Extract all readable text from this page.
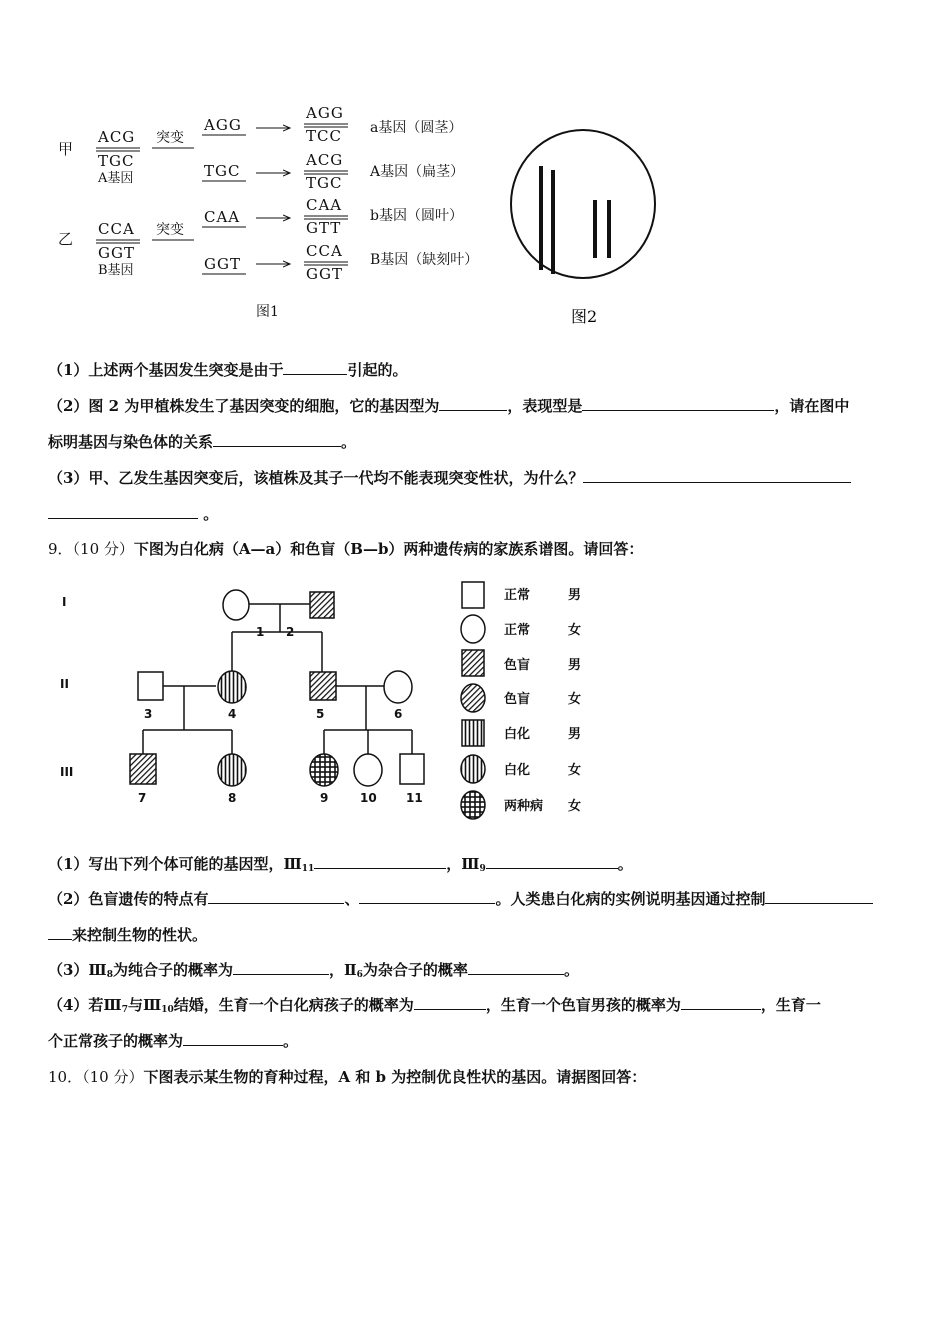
甲
ACG
TGC
A基因
突变
AGG
AGG
TCC a基因（圆茎）
TGC
ACG
TGC
A基因（扁茎）
乙
CCA
GGT
B基因
突变
CAA
CAA
GTT
b基因（圆叶）
GGT
CCA
GGT
B基因（缺刻叶）
图1	图2
（1）上述两个基因发生突变是由于	引起的。
（2）图 2 为甲植株发生了基因突变的细胞，它的基因型为	，表现型是	，请在图中
标明基因与染色体的关系	。
（3）甲、乙发生基因突变后，该植株及其子一代均不能表现突变性状，为什么？
。
9．（10 分）下图为白化病（A—a）和色盲（B—b）两种遗传病的家族系谱图。请回答：
I
II
III
1 2
3	4	5	6
7	8	9	10 11
正常	男
正常	女
色盲	男
色盲	女
白化	男
白化	女
两种病 女
（1）写出下列个体可能的基因型，$Ⅲ_{11}$	，$Ⅲ_9$	。
（2）色盲遗传的特点有	、	。人类患白化病的实例说明基因通过控制
来控制生物的性状。
$(3)Ⅲ_8$为纯合子的概率为	，$Ⅱ_6$为杂合子的概率	。
（4）若$Ⅲ_7$与$Ⅲ_{10}$结婚，生育一个白化病孩子的概率为	，生育一个色盲男孩的概率为	，生育一
个正常孩子的概率为	。
10．（10 分）下图表示某生物的育种过程，A 和 b 为控制优良性状的基因。请据图回答：
